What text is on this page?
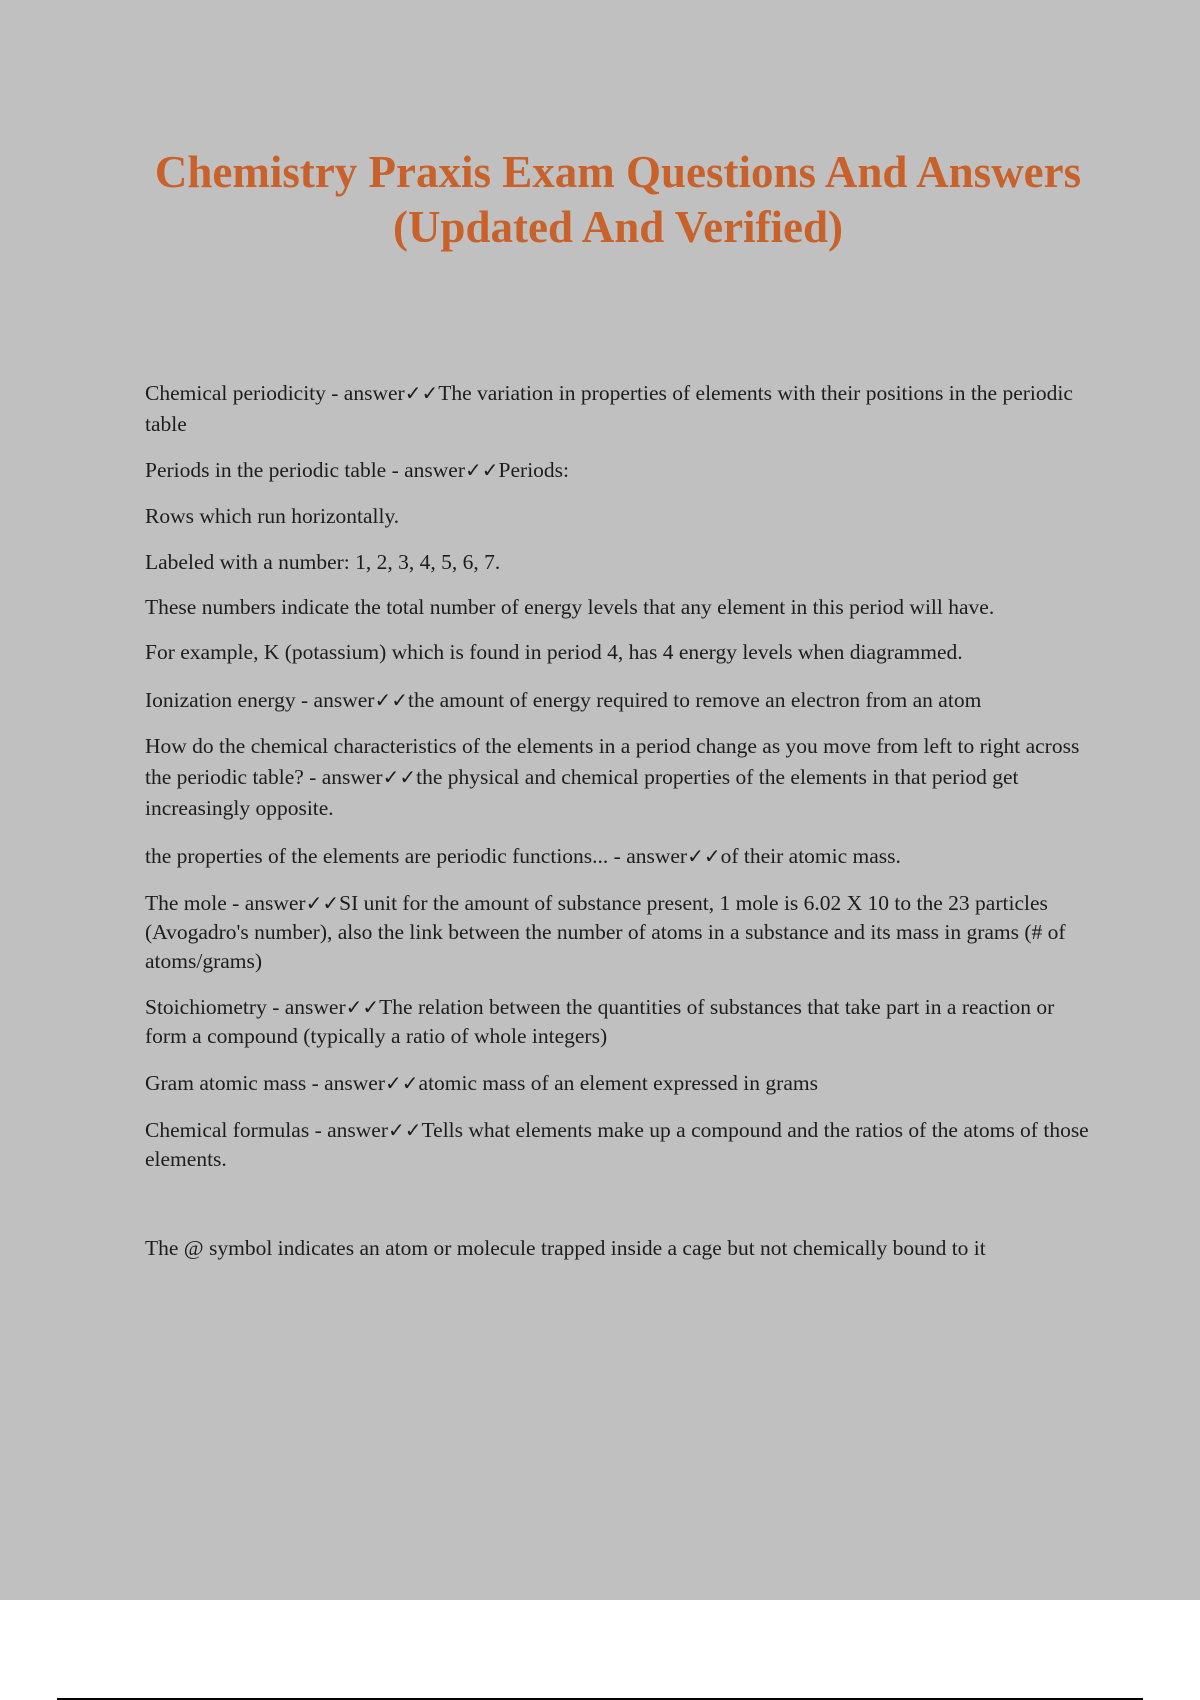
Chemistry Praxis Exam Questions And Answers (Updated And Verified)

Chemical periodicity - answer✓✓The variation in properties of elements with their positions in the periodic table

Periods in the periodic table - answer✓✓Periods:

Rows which run horizontally.

Labeled with a number: 1, 2, 3, 4, 5, 6, 7.

These numbers indicate the total number of energy levels that any element in this period will have.

For example, K (potassium) which is found in period 4, has 4 energy levels when diagrammed.

Ionization energy - answer✓✓the amount of energy required to remove an electron from an atom

How do the chemical characteristics of the elements in a period change as you move from left to right across the periodic table? - answer✓✓the physical and chemical properties of the elements in that period get increasingly opposite.

the properties of the elements are periodic functions... - answer✓✓of their atomic mass.

The mole - answer✓✓SI unit for the amount of substance present, 1 mole is 6.02 X 10 to the 23 particles (Avogadro's number), also the link between the number of atoms in a substance and its mass in grams (# of atoms/grams)

Stoichiometry - answer✓✓The relation between the quantities of substances that take part in a reaction or form a compound (typically a ratio of whole integers)

Gram atomic mass - answer✓✓atomic mass of an element expressed in grams

Chemical formulas - answer✓✓Tells what elements make up a compound and the ratios of the atoms of those elements.

The @ symbol indicates an atom or molecule trapped inside a cage but not chemically bound to it
